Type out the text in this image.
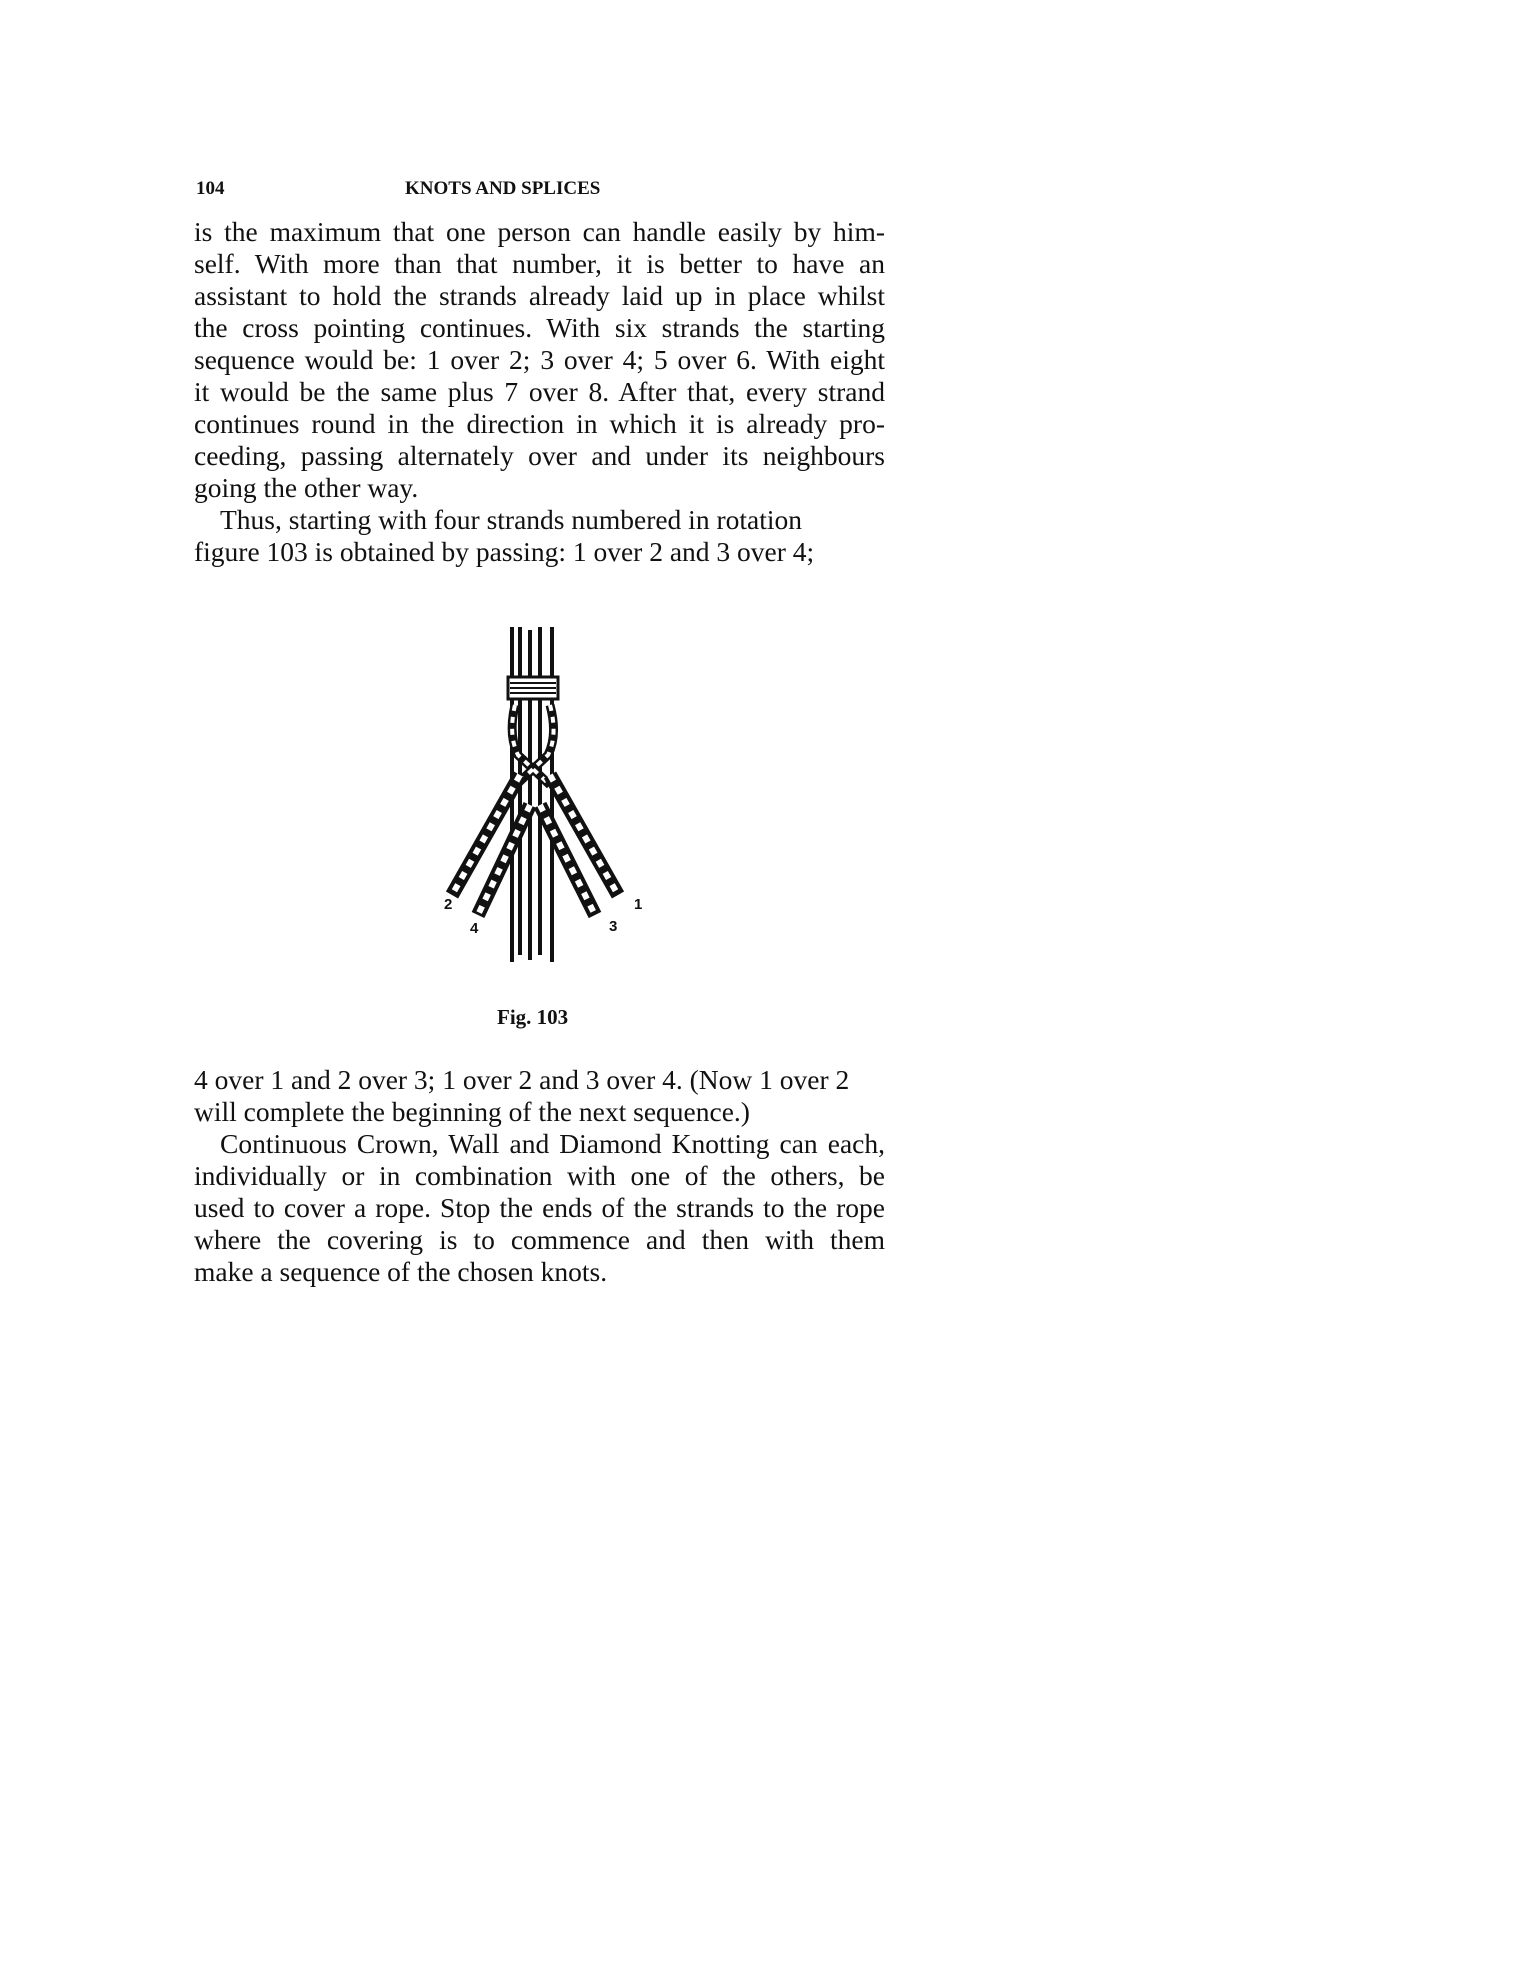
104	KNOTS AND SPLICES
is the maximum that one person can handle easily by him-
self. With more than that number, it is better to have an
assistant to hold the strands already laid up in place whilst
the cross pointing continues. With six strands the starting
sequence would be: 1 over 2; 3 over 4; 5 over 6. With eight
it would be the same plus 7 over 8. After that, every strand
continues round in the direction in which it is already pro-
ceeding, passing alternately over and under its neighbours
going the other way.
Thus, starting with four strands numbered in rotation
figure 103 is obtained by passing: 1 over 2 and 3 over 4;
2
4	3
1
Fig. 103
4 over 1 and 2 over 3; 1 over 2 and 3 over 4. (Now 1 over 2
will complete the beginning of the next sequence.)
Continuous Crown, Wall and Diamond Knotting can each,
individually or in combination with one of the others, be
used to cover a rope. Stop the ends of the strands to the rope
where the covering is to commence and then with them
make a sequence of the chosen knots.
